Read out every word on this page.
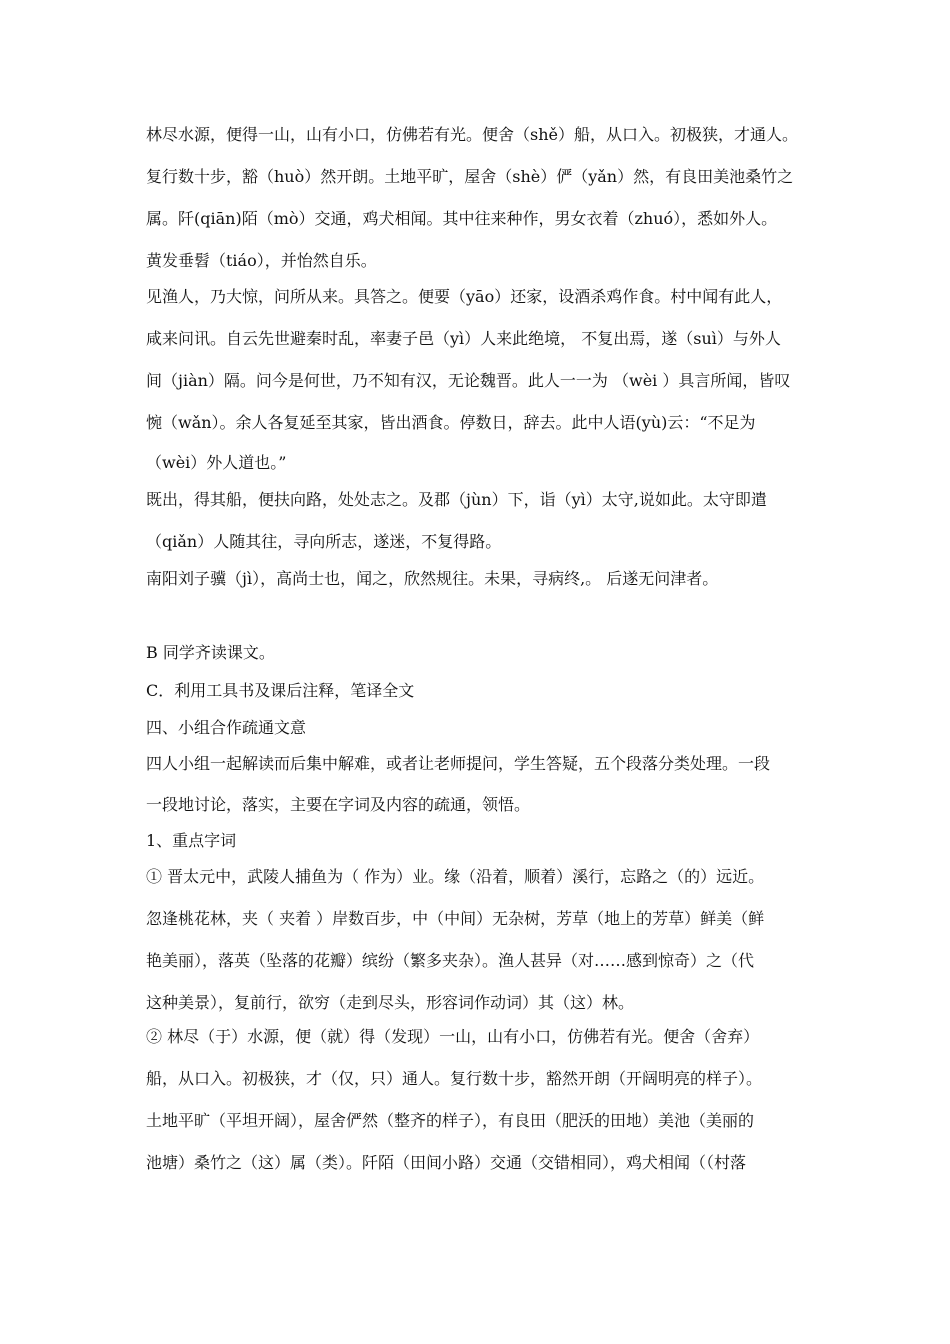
林尽水源，便得一山，山有小口，仿佛若有光。便舍（shě）船，从口入。初极狭，才通人。
复行数十步，豁（huò）然开朗。土地平旷，屋舍（shè）俨（yǎn）然，有良田美池桑竹之
属。阡(qiān)陌（mò）交通，鸡犬相闻。其中往来种作，男女衣着（zhuó），悉如外人。
黄发垂髫（tiáo），并怡然自乐。
见渔人，乃大惊，问所从来。具答之。便要（yāo）还家，设酒杀鸡作食。村中闻有此人，
咸来问讯。自云先世避秦时乱，率妻子邑（yì）人来此绝境， 不复出焉，遂（suì）与外人
间（jiàn）隔。问今是何世，乃不知有汉，无论魏晋。此人一一为 （wèi ）具言所闻，皆叹
惋（wǎn）。余人各复延至其家，皆出酒食。停数日，辞去。此中人语(yù)云：“不足为
（wèi）外人道也。”
既出，得其船，便扶向路，处处志之。及郡（jùn）下，诣（yì）太守,说如此。太守即遣
（qiǎn）人随其往，寻向所志，遂迷，不复得路。
南阳刘子骥（jì），高尚士也，闻之，欣然规往。未果，寻病终,。 后遂无问津者。
B 同学齐读课文。
C．利用工具书及课后注释，笔译全文
四、小组合作疏通文意
四人小组一起解读而后集中解难，或者让老师提问，学生答疑，五个段落分类处理。一段
一段地讨论，落实，主要在字词及内容的疏通，领悟。
1、重点字词
① 晋太元中，武陵人捕鱼为（ 作为）业。缘（沿着，顺着）溪行，忘路之（的）远近。
忽逢桃花林，夹（ 夹着 ）岸数百步，中（中间）无杂树，芳草（地上的芳草）鲜美（鲜
艳美丽），落英（坠落的花瓣）缤纷（繁多夹杂）。渔人甚异（对……感到惊奇）之（代
这种美景），复前行，欲穷（走到尽头，形容词作动词）其（这）林。
② 林尽（于）水源，便（就）得（发现）一山，山有小口，仿佛若有光。便舍（舍弃）
船，从口入。初极狭，才（仅，只）通人。复行数十步，豁然开朗（开阔明亮的样子）。
土地平旷（平坦开阔），屋舍俨然（整齐的样子），有良田（肥沃的田地）美池（美丽的
池塘）桑竹之（这）属（类）。阡陌（田间小路）交通（交错相同），鸡犬相闻（（村落
